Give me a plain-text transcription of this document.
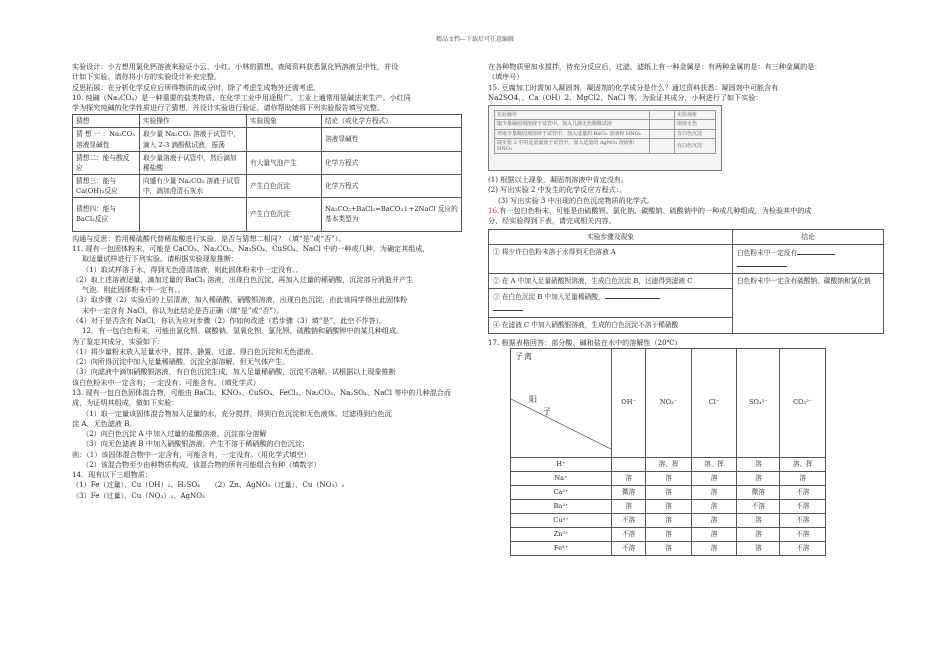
精品文档---下载后可任意编辑

实验设计：小方想用氯化钙溶液来验证小云、小红、小林的猜想。查阅资料获悉氯化钙溶液呈中性，并设

计如下实验。请你将小方的实验设计补充完整。

反思拓展：在分析化学反应后所得物质的成分时，除了考虑生成物外还需考虑。

10. 纯碱（Na₂CO₃）是一种重要的盐类物质，在化学工业中用途极广。工业上通常用氨碱法来生产。小红同

学为探究纯碱的化学性质进行了猜想，并设计实验进行验证。请你帮助她将下列实验报告填写完整。

猜想	实验操作	实验现象	结论（或化学方程式）
猜 想 一 ：Na₂CO₃ 溶液显碱性	取少量 Na₂CO₃ 溶液于试管中，滴入 2-3 滴酚酞试液，振荡		溶液显碱性
猜想二：能与酸反应	取少量溶液于试管中，然后滴加稀盐酸	有大量气泡产生	化学方程式
猜想三：能与 Ca(OH)₂反应	向盛有少量 Na₂CO₃ 溶液于试管中，滴加澄清石灰水	产生白色沉淀	化学方程式
猜想四：能与 BaCl₂反应		产生白色沉淀	Na₂CO₃+BaCl₂=BaCO₃↓+2NaCl 反应的基本类型为

沟通与反思：若用稀硫酸代替稀盐酸进行实验，是否与猜想二相同？（填“是”或“否”）。

11. 现有一包固体粉末，可能是 CaCO₃、Na₂CO₃、Na₂SO₄、CuSO₄、NaCl 中的一种或几种，为确定其组成，

取适量试样进行下列实验。请根据实验现象推断：

（1）取试样溶于水，得到无色澄清溶液，则此固体粉末中一定没有、。

（2）取上述溶液适量，滴加过量的 BaCl₂ 溶液，出现白色沉淀，再加入过量的稀硝酸，沉淀部分消逝并产生

气泡。则此固体粉末中一定有、。

（3）取步骤（2）实验后的上层清液，加入稀硝酸、硝酸银溶液，出现白色沉淀，由此该同学得出此固体粉

末中一定含有 NaCl，你认为此结论是否正确（填“是”或“否”）。

（4）对于是否含有 NaCl，你认为应对步骤（2）作如何改进（若步骤（3）填“是”，此空不作答）。

12．有一包白色粉末，可能由氯化钡、碳酸钠、氢氧化钡、氯化钡、硫酸钠和硝酸钾中的某几种组成。

为了鉴定其成分，实验如下：

（1）将少量粉末放入足量水中，搅拌、静置、过滤、得白色沉淀和无色滤液。

（2）向所得沉淀中加入足量稀硝酸，沉淀全部溶解，但无气体产生。

（3）向滤液中滴加硝酸银溶液，有白色沉淀生成，加入足量稀硝酸，沉淀不溶解。试根据以上现象推断

该白色粉末中一定含有；一定没有；可能含有。（填化学式）

13. 现有一包白色固体混合物，可能由 BaCl₂、KNO₃、CuSO₄、FeCl₃、Na₂CO₃、Na₂SO₄、NaCl 等中的几种混合而

成，为证明其组成，做如下实验：

（1）取一定量该固体混合物加入足量的水，充分搅拌，得到白色沉淀和无色液体。过滤得到白色沉

淀 A，无色滤液 B。

（2）向白色沉淀 A 中加入过量的盐酸溶液，沉淀部分溶解

（3）向无色滤液 B 中加入硝酸银溶液，产生不溶于稀硝酸的白色沉淀；

则：（1）该固体混合物中一定含有，可能含有，一定没有。（用化学式填空）

（2）该混合物至少由种物质构成，该混合物的所有可能组合有种（填数字）

14．现有以下三组物质：

（1）Fe（过量）、Cu（OH）₂、H₂SO₄　　（2）Zn、AgNO₃（过量）、Cu（NO₃）₂

（3）Fe（过量）、Cu（NO₃）₂、AgNO₃

在各种物质里加水搅拌，待充分反应后，过滤，滤纸上有一种金属是：有两种金属的是：有三种金属的是：

（填序号）

15. 豆腐加工时需加入凝固剂，凝固剂的化学成分是什么？通过资料获悉：凝固剂中可能含有

Na2SO4、、Ca（OH）2、MgCl2、NaCl 等。为验证其成分，小柯进行了如下实验：

实验操作		实验现象
取少量凝固剂溶液于试管中，加入几滴无色酚酞试液		溶液无色
再取少量凝固剂溶液于试管中，加入适量的 BaCl₂ 溶液和 HNO₃		有白色沉淀
取实验 2 中的适量滤液于试管中，加入适量的 AgNO₃ 溶液和 HNO₃		有白色沉淀

(1) 根据以上现象，凝固剂溶液中肯定没有。

(2) 写出实验 2 中发生的化学反应方程式：。

(3) 写出实验 3 中出现的白色沉淀物质的化学式。

16.有一包白色粉末，可能是由硫酸钡、氯化钠、碳酸钠、硫酸钠中的一种或几种组成，为检验其中的成

分，经实验得到下表，请完成相关内容。

实验步骤及现象	结论
① 将少许白色粉末溶于水得到无色溶液 A	白色粉末中一定没有

② 在 A 中加入足量硝酸钡溶液，生成白色沉淀 B，过滤得到滤液 C	白色粉末中一定含有硫酸钠、碳酸钠和氯化钠
③ 在白色沉淀 B 中加入足量稀硝酸，	

④ 在滤液 C 中加入硝酸银溶液，生成的白色沉淀不溶于稀硝酸	

17. 根据表格回答：部分酸、碱和盐在水中的溶解性（20℃）

子 离
阳
子	OH⁻	NO₃⁻	Cl⁻	SO₄²⁻	CO₃²⁻
H⁺		溶、挥	溶、挥	溶	溶、挥
Na⁺	溶	溶	溶	溶	溶
Ca²⁺	微溶	溶	溶	微溶	不溶
Ba²⁺	溶	溶	溶	不溶	不溶
Cu²⁺	不溶	溶	溶	溶	不溶
Zn²⁺	不溶	溶	溶	溶	不溶
Fe³⁺	不溶	溶	溶	溶	不溶
